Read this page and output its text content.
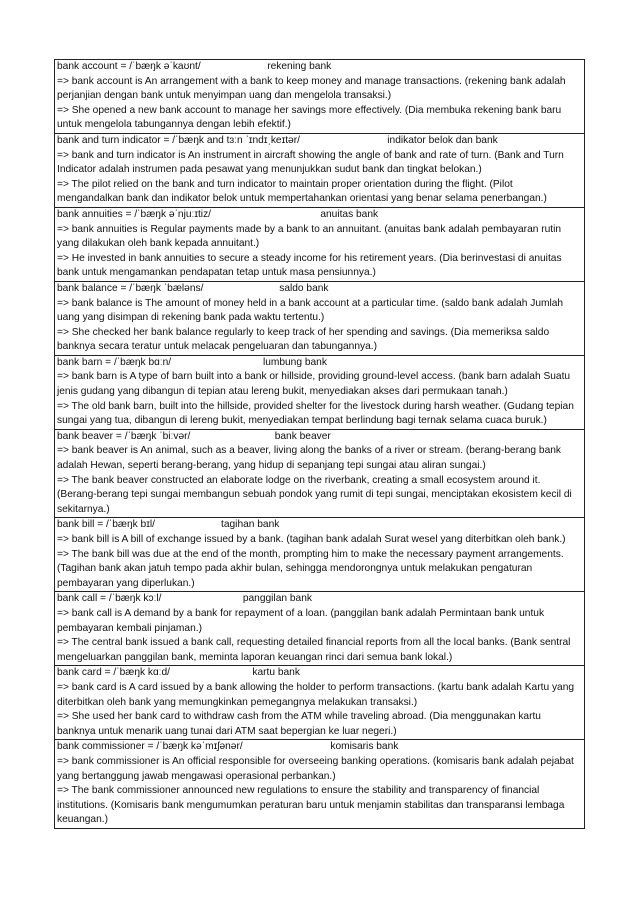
bank account = /ˈbæŋk əˈkaʊnt/	rekening bank
=> bank account is An arrangement with a bank to keep money and manage transactions. (rekening bank adalah perjanjian dengan bank untuk menyimpan uang dan mengelola transaksi.)
=> She opened a new bank account to manage her savings more effectively. (Dia membuka rekening bank baru untuk mengelola tabungannya dengan lebih efektif.)
bank and turn indicator = /ˈbæŋk and tɜːn ˈɪndɪˌkeɪtər/	indikator belok dan bank
=> bank and turn indicator is An instrument in aircraft showing the angle of bank and rate of turn. (Bank and Turn Indicator adalah instrumen pada pesawat yang menunjukkan sudut bank dan tingkat belokan.)
=> The pilot relied on the bank and turn indicator to maintain proper orientation during the flight. (Pilot mengandalkan bank dan indikator belok untuk mempertahankan orientasi yang benar selama penerbangan.)
bank annuities = /ˈbæŋk əˈnjuːɪtiz/	anuitas bank
=> bank annuities is Regular payments made by a bank to an annuitant. (anuitas bank adalah pembayaran rutin yang dilakukan oleh bank kepada annuitant.)
=> He invested in bank annuities to secure a steady income for his retirement years. (Dia berinvestasi di anuitas bank untuk mengamankan pendapatan tetap untuk masa pensiunnya.)
bank balance = /ˈbæŋk ˈbæləns/	saldo bank
=> bank balance is The amount of money held in a bank account at a particular time. (saldo bank adalah Jumlah uang yang disimpan di rekening bank pada waktu tertentu.)
=> She checked her bank balance regularly to keep track of her spending and savings. (Dia memeriksa saldo banknya secara teratur untuk melacak pengeluaran dan tabungannya.)
bank barn = /ˈbæŋk bɑːn/	lumbung bank
=> bank barn is A type of barn built into a bank or hillside, providing ground-level access. (bank barn adalah Suatu jenis gudang yang dibangun di tepian atau lereng bukit, menyediakan akses dari permukaan tanah.)
=> The old bank barn, built into the hillside, provided shelter for the livestock during harsh weather. (Gudang tepian sungai yang tua, dibangun di lereng bukit, menyediakan tempat berlindung bagi ternak selama cuaca buruk.)
bank beaver = /ˈbæŋk ˈbiːvər/	bank beaver
=> bank beaver is An animal, such as a beaver, living along the banks of a river or stream. (berang-berang bank adalah Hewan, seperti berang-berang, yang hidup di sepanjang tepi sungai atau aliran sungai.)
=> The bank beaver constructed an elaborate lodge on the riverbank, creating a small ecosystem around it. (Berang-berang tepi sungai membangun sebuah pondok yang rumit di tepi sungai, menciptakan ekosistem kecil di sekitarnya.)
bank bill = /ˈbæŋk bɪl/	tagihan bank
=> bank bill is A bill of exchange issued by a bank. (tagihan bank adalah Surat wesel yang diterbitkan oleh bank.)
=> The bank bill was due at the end of the month, prompting him to make the necessary payment arrangements. (Tagihan bank akan jatuh tempo pada akhir bulan, sehingga mendorongnya untuk melakukan pengaturan pembayaran yang diperlukan.)
bank call = /ˈbæŋk kɔːl/	panggilan bank
=> bank call is A demand by a bank for repayment of a loan. (panggilan bank adalah Permintaan bank untuk pembayaran kembali pinjaman.)
=> The central bank issued a bank call, requesting detailed financial reports from all the local banks. (Bank sentral mengeluarkan panggilan bank, meminta laporan keuangan rinci dari semua bank lokal.)
bank card = /ˈbæŋk kɑːd/	kartu bank
=> bank card is A card issued by a bank allowing the holder to perform transactions. (kartu bank adalah Kartu yang diterbitkan oleh bank yang memungkinkan pemegangnya melakukan transaksi.)
=> She used her bank card to withdraw cash from the ATM while traveling abroad. (Dia menggunakan kartu banknya untuk menarik uang tunai dari ATM saat bepergian ke luar negeri.)
bank commissioner = /ˈbæŋk kəˈmɪʃənər/	komisaris bank
=> bank commissioner is An official responsible for overseeing banking operations. (komisaris bank adalah pejabat yang bertanggung jawab mengawasi operasional perbankan.)
=> The bank commissioner announced new regulations to ensure the stability and transparency of financial institutions. (Komisaris bank mengumumkan peraturan baru untuk menjamin stabilitas dan transparansi lembaga keuangan.)
